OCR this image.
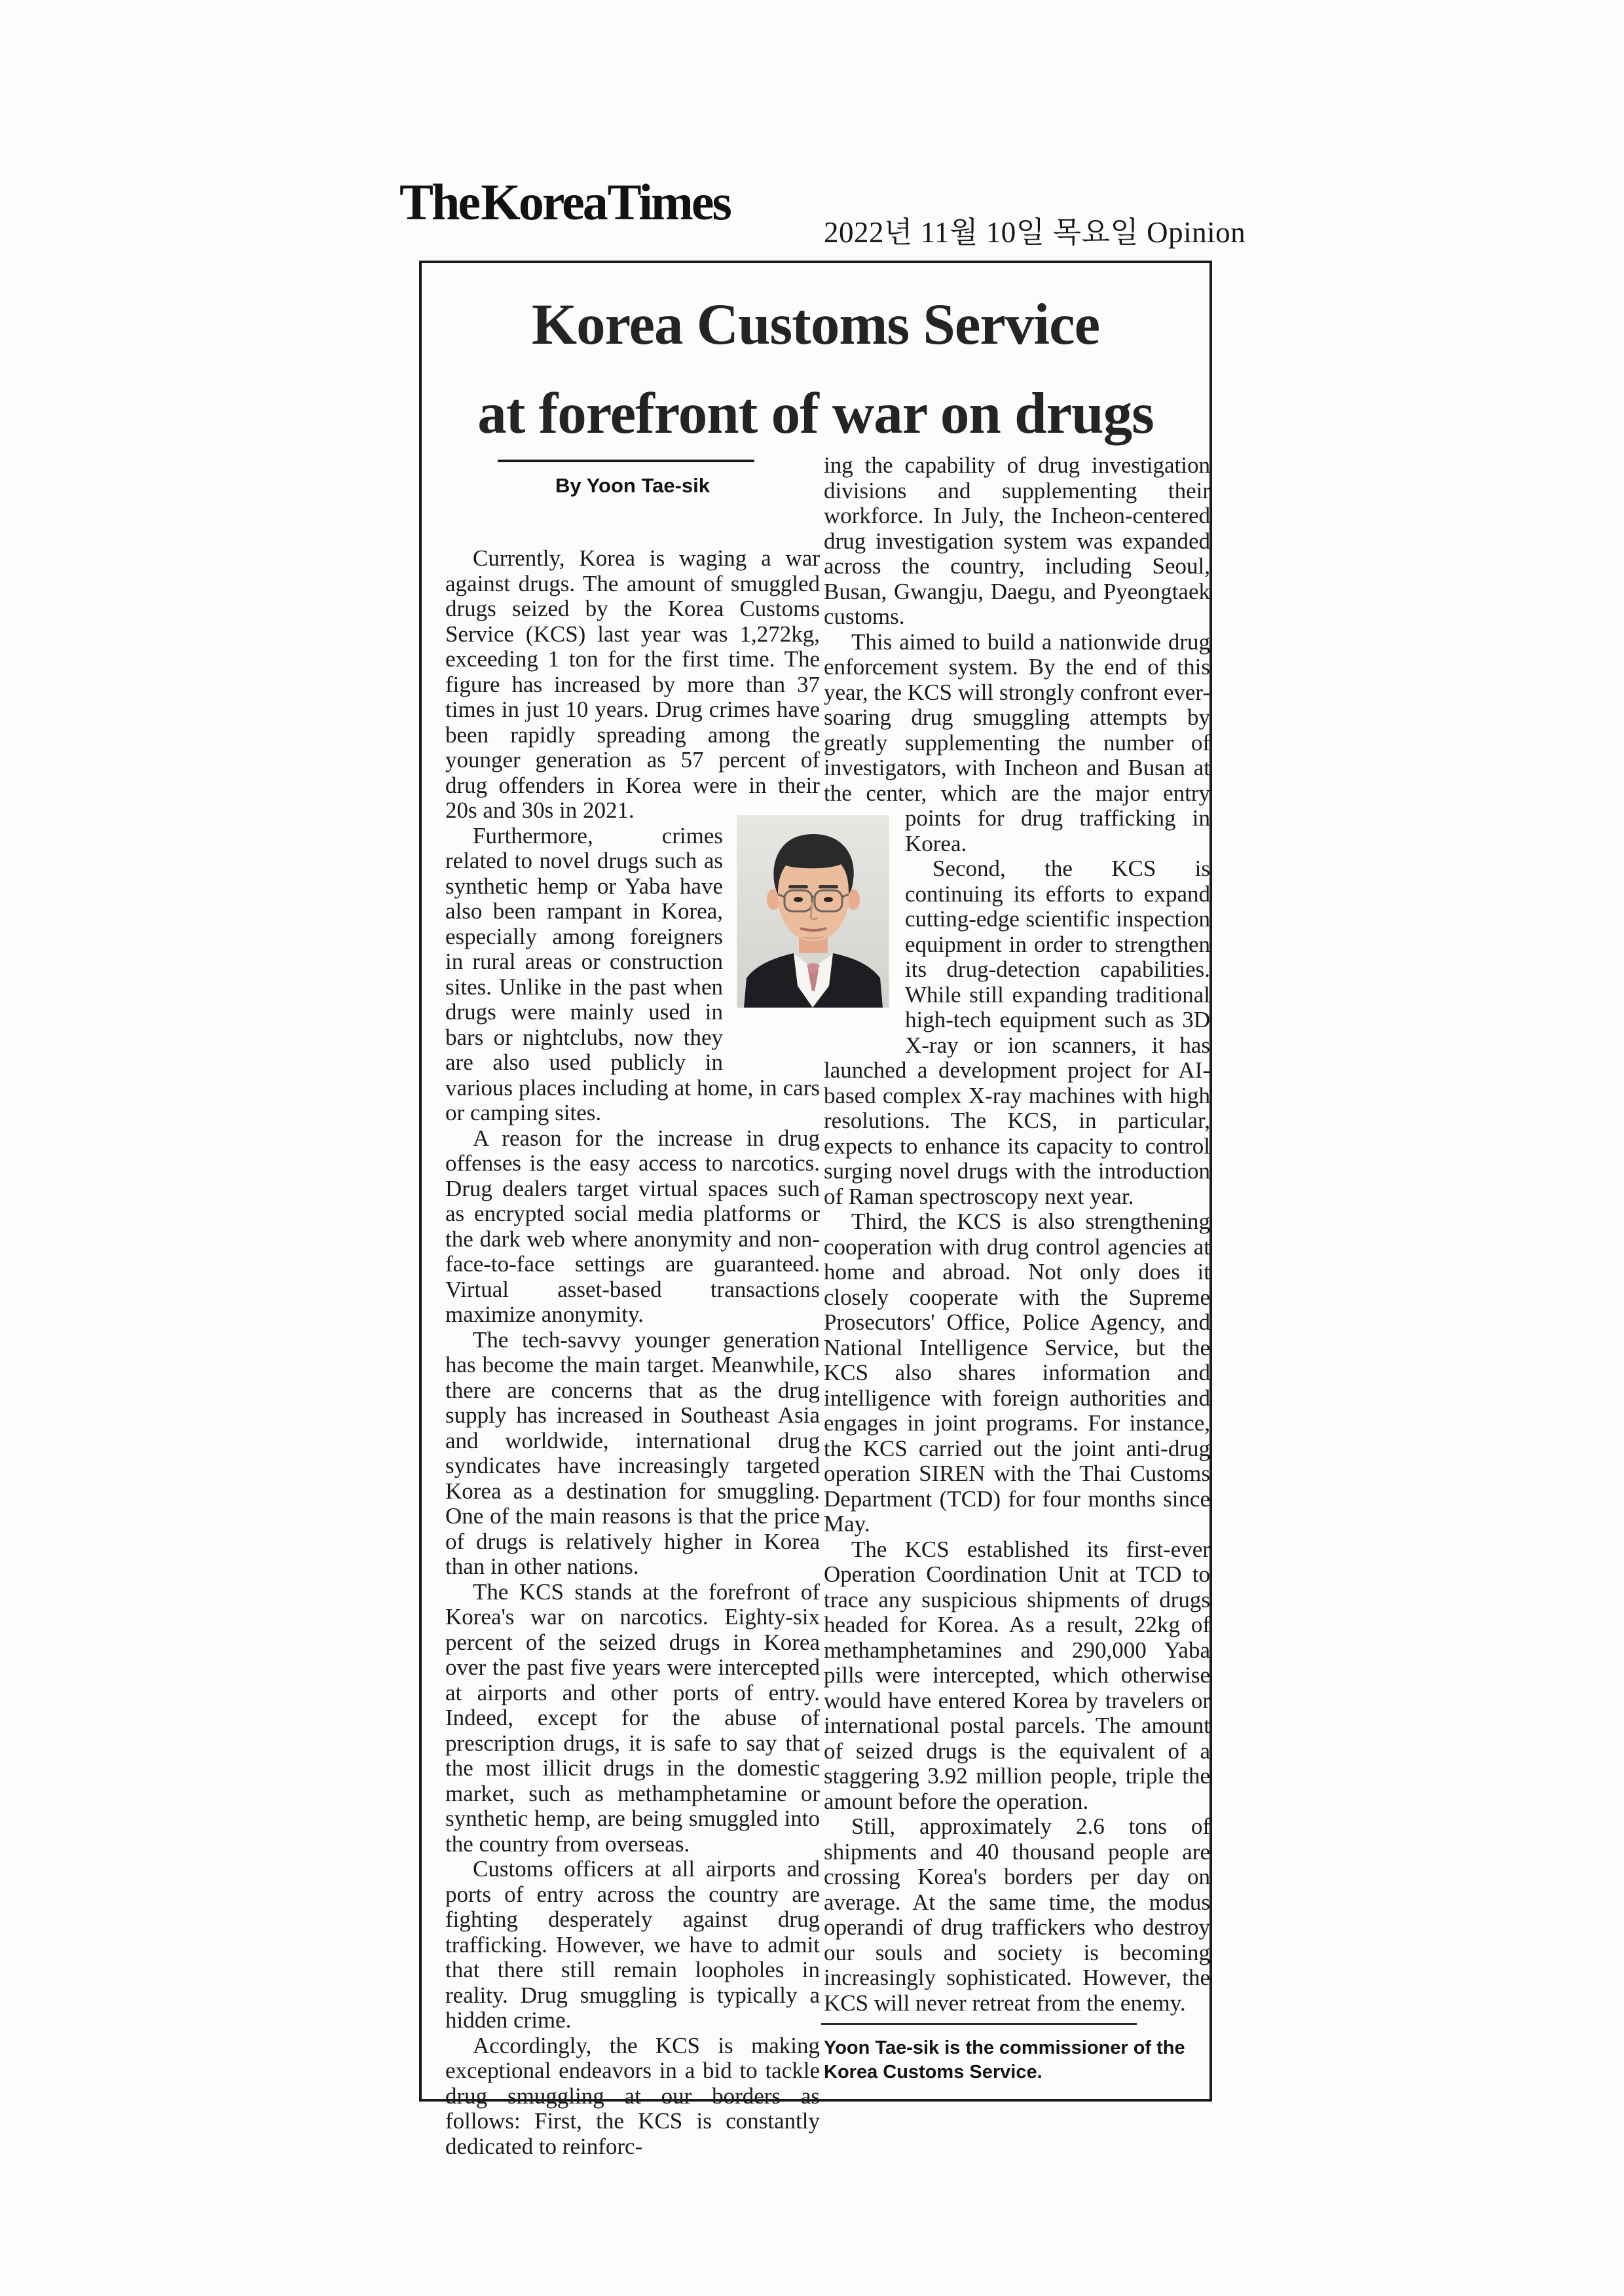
The Korea Times
2022년 11월 10일 목요일 Opinion
Korea Customs Service
at forefront of war on drugs
By Yoon Tae-sik

Currently, Korea is waging a war against drugs. The amount of smuggled drugs seized by the Korea Customs Service (KCS) last year was 1,272kg, exceeding 1 ton for the first time. The figure has increased by more than 37 times in just 10 years. Drug crimes have been rapidly spreading among the younger generation as 57 percent of drug offenders in Korea were in their 20s and 30s in 2021.

Furthermore, crimes related to novel drugs such as synthetic hemp or Yaba have also been rampant in Korea, especially among foreigners in rural areas or construction sites. Unlike in the past when drugs were mainly used in bars or nightclubs, now they are also used publicly in various places including at home, in cars or camping sites.

A reason for the increase in drug offenses is the easy access to narcotics. Drug dealers target virtual spaces such as encrypted social media platforms or the dark web where anonymity and non-face-to-face settings are guaranteed. Virtual asset-based transactions maximize anonymity.

The tech-savvy younger generation has become the main target. Meanwhile, there are concerns that as the drug supply has increased in Southeast Asia and worldwide, international drug syndicates have increasingly targeted Korea as a destination for smuggling. One of the main reasons is that the price of drugs is relatively higher in Korea than in other nations.

The KCS stands at the forefront of Korea's war on narcotics. Eighty-six percent of the seized drugs in Korea over the past five years were intercepted at airports and other ports of entry. Indeed, except for the abuse of prescription drugs, it is safe to say that the most illicit drugs in the domestic market, such as methamphetamine or synthetic hemp, are being smuggled into the country from overseas.

Customs officers at all airports and ports of entry across the country are fighting desperately against drug trafficking. However, we have to admit that there still remain loopholes in reality. Drug smuggling is typically a hidden crime.

Accordingly, the KCS is making exceptional endeavors in a bid to tackle drug smuggling at our borders as follows: First, the KCS is constantly dedicated to reinforc-

ing the capability of drug investigation divisions and supplementing their workforce. In July, the Incheon-centered drug investigation system was expanded across the country, including Seoul, Busan, Gwangju, Daegu, and Pyeongtaek customs.

This aimed to build a nationwide drug enforcement system. By the end of this year, the KCS will strongly confront ever-soaring drug smuggling attempts by greatly supplementing the number of investigators, with Incheon and Busan at the center, which are the major entry
points for drug trafficking in Korea.

Second, the KCS is continuing its efforts to expand cutting-edge scientific inspection equipment in order to strengthen its drug-detection capabilities. While still expanding traditional high-tech equipment such as 3D X-ray or ion scanners, it has launched a development project for AI-based complex X-ray machines with high resolutions. The KCS, in particular, expects to enhance its capacity to control surging novel drugs with the introduction of Raman spectroscopy next year.

Third, the KCS is also strengthening cooperation with drug control agencies at home and abroad. Not only does it closely cooperate with the Supreme Prosecutors' Office, Police Agency, and National Intelligence Service, but the KCS also shares information and intelligence with foreign authorities and engages in joint programs. For instance, the KCS carried out the joint anti-drug operation SIREN with the Thai Customs Department (TCD) for four months since May.

The KCS established its first-ever Operation Coordination Unit at TCD to trace any suspicious shipments of drugs headed for Korea. As a result, 22kg of methamphetamines and 290,000 Yaba pills were intercepted, which otherwise would have entered Korea by travelers or international postal parcels. The amount of seized drugs is the equivalent of a staggering 3.92 million people, triple the amount before the operation.

Still, approximately 2.6 tons of shipments and 40 thousand people are crossing Korea's borders per day on average. At the same time, the modus operandi of drug traffickers who destroy our souls and society is becoming increasingly sophisticated. However, the KCS will never retreat from the enemy.

Yoon Tae-sik is the commissioner of the Korea Customs Service.
